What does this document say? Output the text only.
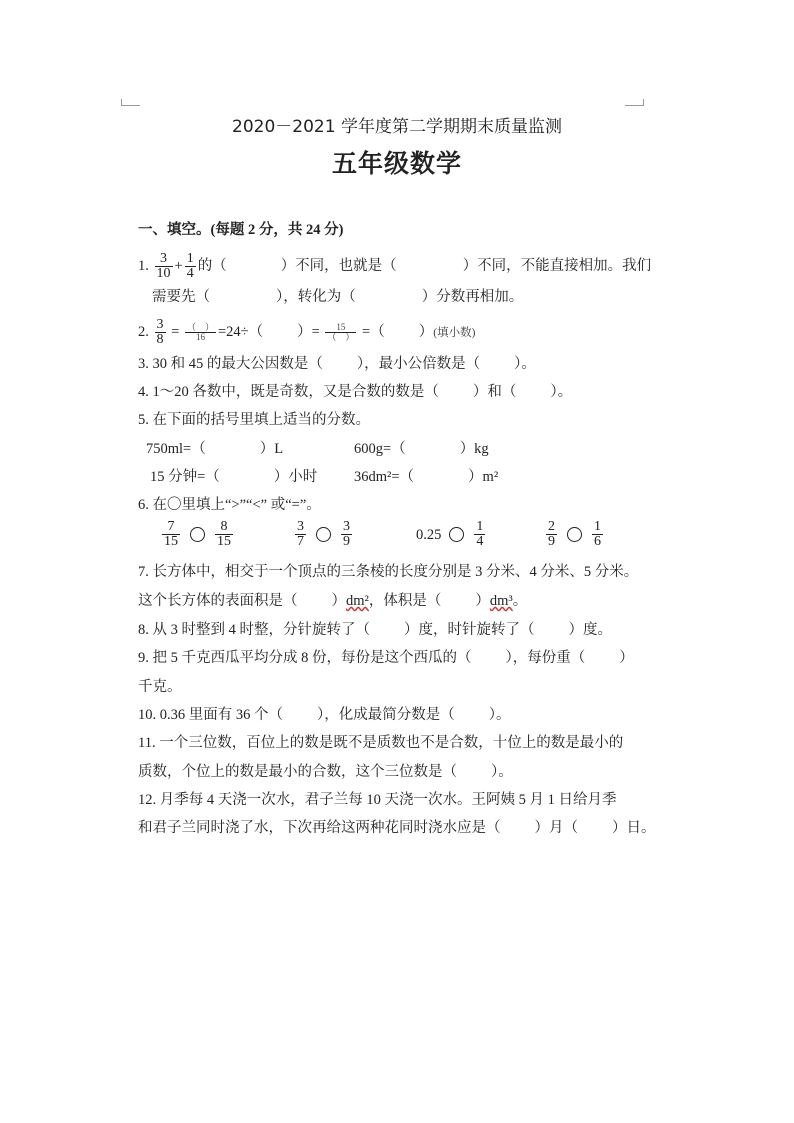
2020－2021 学年度第二学期期末质量监测
五年级数学
一、填空。(每题 2 分，共 24 分)
1. $\frac{3}{10} + \frac{1}{4}$ 的（	）不同，也就是（	）不同，不能直接相加。我们
需要先（	），转化为（	）分数再相加。
2. $\frac{3}{8} = \frac{( )}{16} =24\div$（ ）= $\frac{15}{( )}$ =（ ）(填小数)
3. 30 和 45 的最大公因数是（ ），最小公倍数是（ ）。
4. 1～20 各数中，既是奇数，又是合数的数是（ ）和（ ）。
5. 在下面的括号里填上适当的分数。
750ml=（	）L	600g=（	）kg
15 分钟=（	）小时	36dm²=（	）m²
6. 在〇里填上“>”“<” 或“=”。
$\frac{7}{15}$	$\frac{8}{15}$	$\frac{3}{7}$	$\frac{3}{9}$	$0.25 \frac{1}{4}$	$\frac{2}{9}$	$\frac{1}{6}$
7. 长方体中，相交于一个顶点的三条棱的长度分别是 3 分米、4 分米、5 分米。
这个长方体的表面积是（ ）dm²，体积是（ ）dm³。
8. 从 3 时整到 4 时整，分针旋转了（ ）度，时针旋转了（ ）度。
9. 把 5 千克西瓜平均分成 8 份，每份是这个西瓜的（ ），每份重（ ）
千克。
10. 0.36 里面有 36 个（ ），化成最简分数是（ ）。
11. 一个三位数，百位上的数是既不是质数也不是合数，十位上的数是最小的
质数，个位上的数是最小的合数，这个三位数是（ ）。
12. 月季每 4 天浇一次水，君子兰每 10 天浇一次水。王阿姨 5 月 1 日给月季
和君子兰同时浇了水，下次再给这两种花同时浇水应是（ ）月（ ）日。
